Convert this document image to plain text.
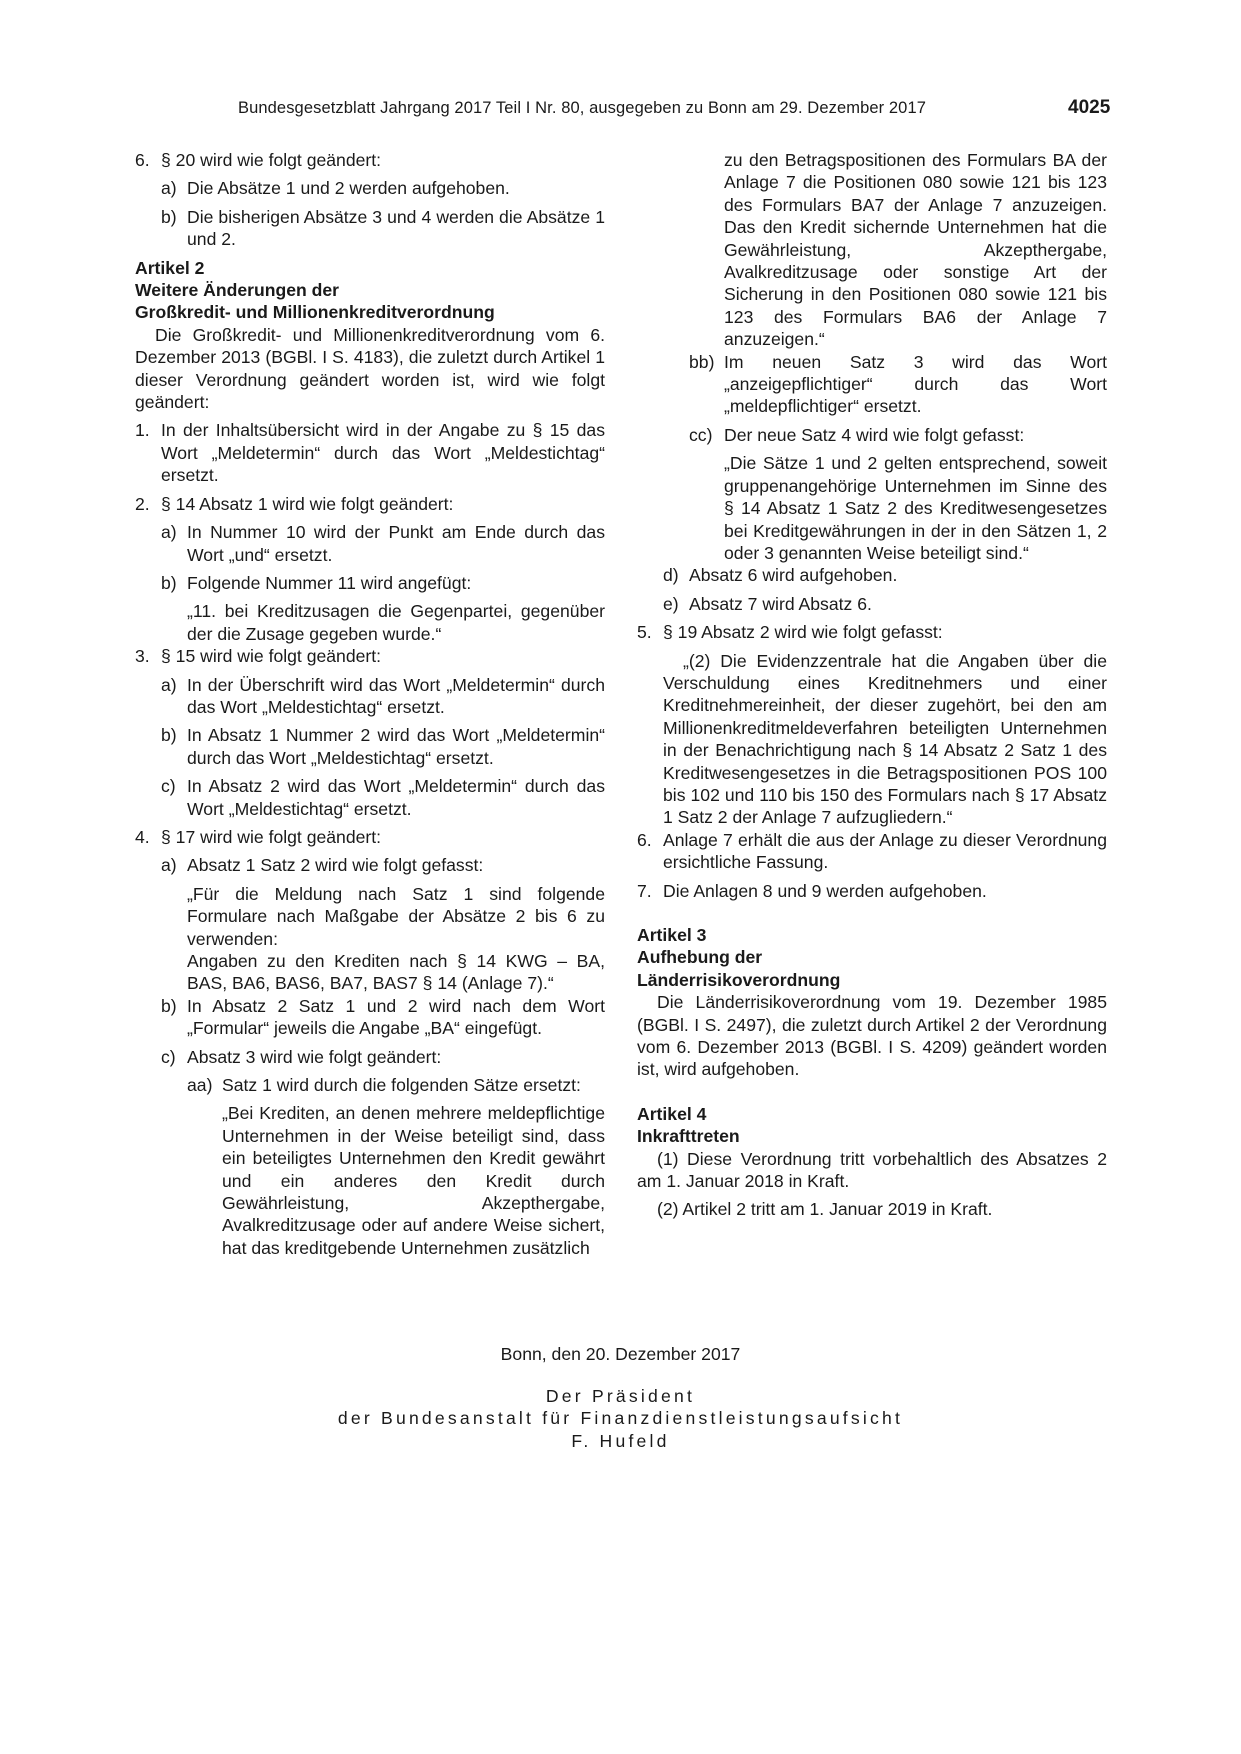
Bundesgesetzblatt Jahrgang 2017 Teil I Nr. 80, ausgegeben zu Bonn am 29. Dezember 2017	4025
6. § 20 wird wie folgt geändert:
a) Die Absätze 1 und 2 werden aufgehoben.
b) Die bisherigen Absätze 3 und 4 werden die Absätze 1 und 2.

Artikel 2

Weitere Änderungen der

Großkredit- und Millionenkreditverordnung

Die Großkredit- und Millionenkreditverordnung vom 6. Dezember 2013 (BGBl. I S. 4183), die zuletzt durch Artikel 1 dieser Verordnung geändert worden ist, wird wie folgt geändert:

1. In der Inhaltsübersicht wird in der Angabe zu § 15 das Wort „Meldetermin“ durch das Wort „Meldestichtag“ ersetzt.
2. § 14 Absatz 1 wird wie folgt geändert:
a) In Nummer 10 wird der Punkt am Ende durch das Wort „und“ ersetzt.
b) Folgende Nummer 11 wird angefügt:

„11. bei Kreditzusagen die Gegenpartei, gegenüber der die Zusage gegeben wurde.“

3. § 15 wird wie folgt geändert:
a) In der Überschrift wird das Wort „Meldetermin“ durch das Wort „Meldestichtag“ ersetzt.
b) In Absatz 1 Nummer 2 wird das Wort „Meldetermin“ durch das Wort „Meldestichtag“ ersetzt.
c) In Absatz 2 wird das Wort „Meldetermin“ durch das Wort „Meldestichtag“ ersetzt.
4. § 17 wird wie folgt geändert:
a) Absatz 1 Satz 2 wird wie folgt gefasst:

„Für die Meldung nach Satz 1 sind folgende Formulare nach Maßgabe der Absätze 2 bis 6 zu verwenden:

Angaben zu den Krediten nach § 14 KWG – BA, BAS, BA6, BAS6, BA7, BAS7 § 14 (Anlage 7).“

b) In Absatz 2 Satz 1 und 2 wird nach dem Wort „Formular“ jeweils die Angabe „BA“ eingefügt.
c) Absatz 3 wird wie folgt geändert:
aa) Satz 1 wird durch die folgenden Sätze ersetzt:

„Bei Krediten, an denen mehrere meldepflichtige Unternehmen in der Weise beteiligt sind, dass ein beteiligtes Unternehmen den Kredit gewährt und ein anderes den Kredit durch Gewährleistung, Akzepthergabe, Avalkreditzusage oder auf andere Weise sichert, hat das kreditgebende Unternehmen zusätzlich

zu den Betragspositionen des Formulars BA der Anlage 7 die Positionen 080 sowie 121 bis 123 des Formulars BA7 der Anlage 7 anzuzeigen. Das den Kredit sichernde Unternehmen hat die Gewährleistung, Akzepthergabe, Avalkreditzusage oder sonstige Art der Sicherung in den Positionen 080 sowie 121 bis 123 des Formulars BA6 der Anlage 7 anzuzeigen.“

bb) Im neuen Satz 3 wird das Wort „anzeigepflichtiger“ durch das Wort „meldepflichtiger“ ersetzt.
cc) Der neue Satz 4 wird wie folgt gefasst:

„Die Sätze 1 und 2 gelten entsprechend, soweit gruppenangehörige Unternehmen im Sinne des § 14 Absatz 1 Satz 2 des Kreditwesengesetzes bei Kreditgewährungen in der in den Sätzen 1, 2 oder 3 genannten Weise beteiligt sind.“

d) Absatz 6 wird aufgehoben.
e) Absatz 7 wird Absatz 6.
5. § 19 Absatz 2 wird wie folgt gefasst:

„(2) Die Evidenzzentrale hat die Angaben über die Verschuldung eines Kreditnehmers und einer Kreditnehmereinheit, der dieser zugehört, bei den am Millionenkreditmeldeverfahren beteiligten Unternehmen in der Benachrichtigung nach § 14 Absatz 2 Satz 1 des Kreditwesengesetzes in die Betragspositionen POS 100 bis 102 und 110 bis 150 des Formulars nach § 17 Absatz 1 Satz 2 der Anlage 7 aufzugliedern.“

6. Anlage 7 erhält die aus der Anlage zu dieser Verordnung ersichtliche Fassung.
7. Die Anlagen 8 und 9 werden aufgehoben.

Artikel 3

Aufhebung der

Länderrisikoverordnung

Die Länderrisikoverordnung vom 19. Dezember 1985 (BGBl. I S. 2497), die zuletzt durch Artikel 2 der Verordnung vom 6. Dezember 2013 (BGBl. I S. 4209) geändert worden ist, wird aufgehoben.

Artikel 4

Inkrafttreten

(1) Diese Verordnung tritt vorbehaltlich des Absatzes 2 am 1. Januar 2018 in Kraft.

(2) Artikel 2 tritt am 1. Januar 2019 in Kraft.

Bonn, den 20. Dezember 2017
Der Präsident
der Bundesanstalt für Finanzdienstleistungsaufsicht
F. Hufeld
